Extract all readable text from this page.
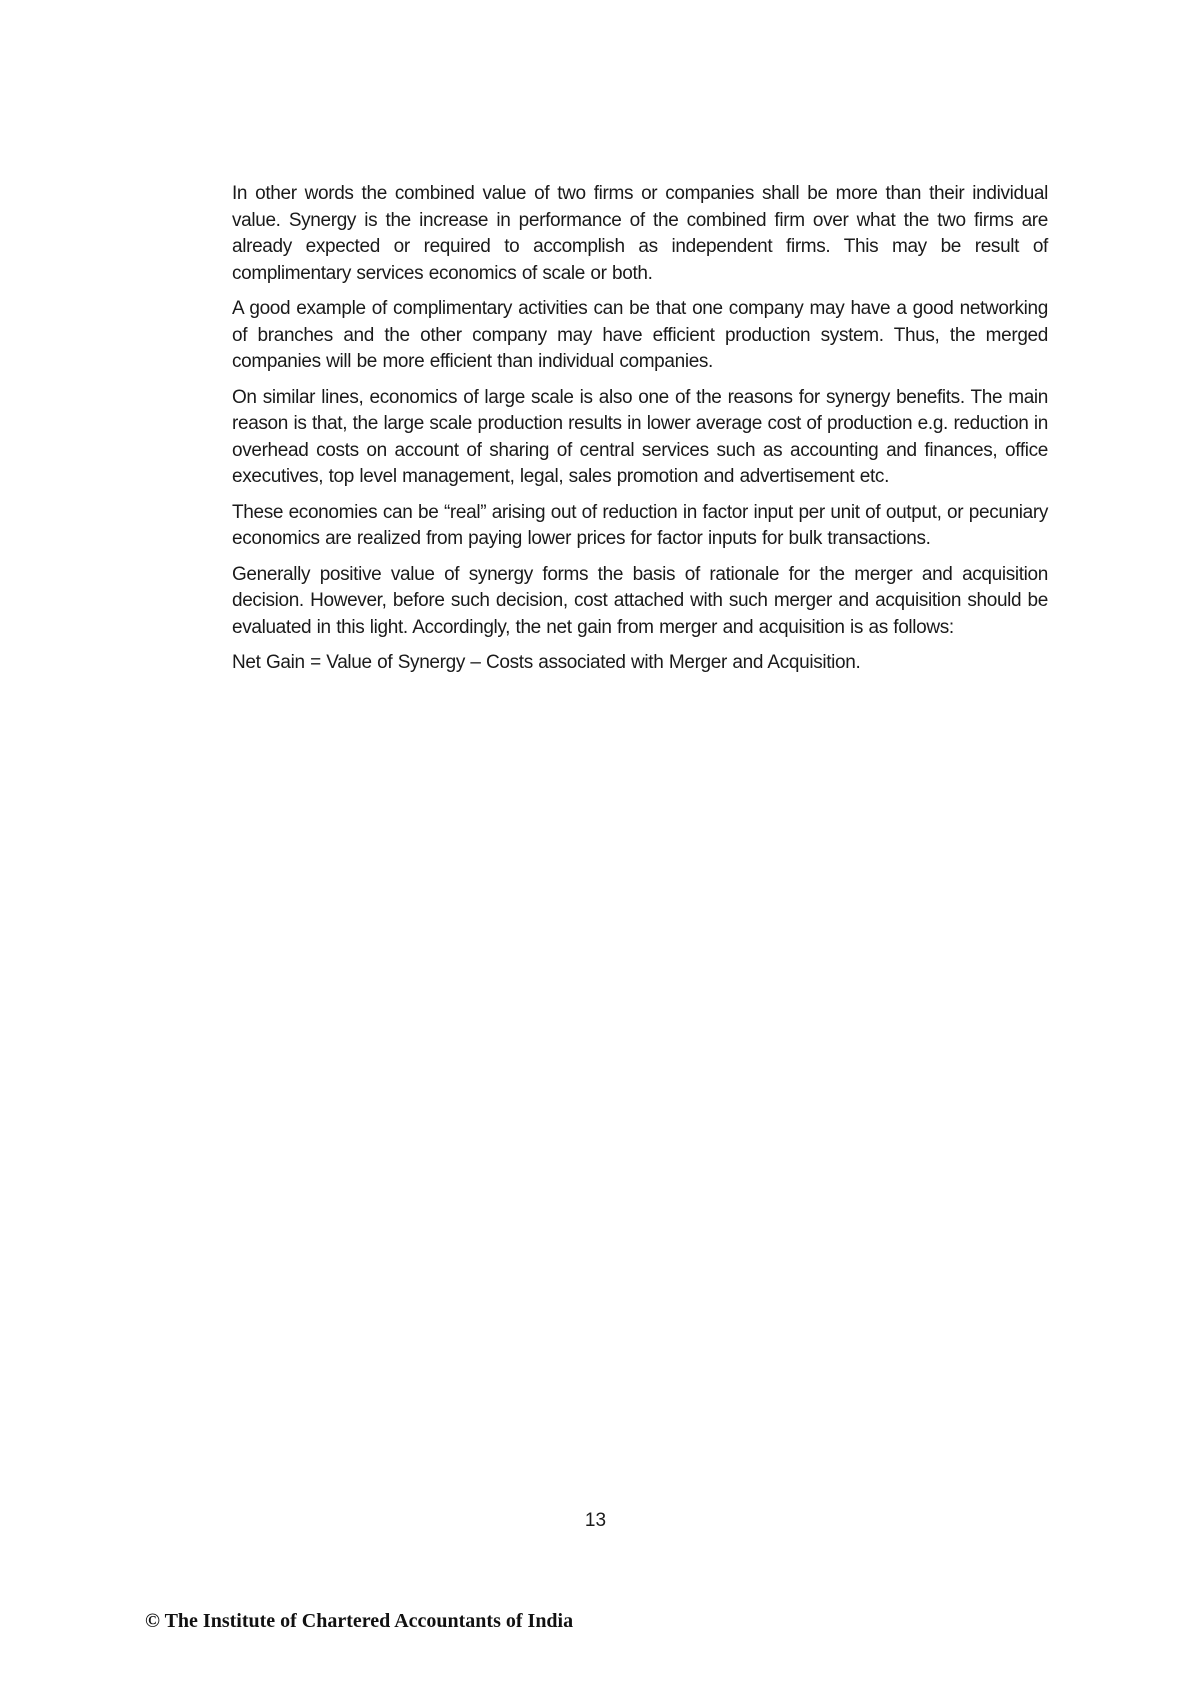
In other words the combined value of two firms or companies shall be more than their individual value. Synergy is the increase in performance of the combined firm over what the two firms are already expected or required to accomplish as independent firms. This may be result of complimentary services economics of scale or both.

A good example of complimentary activities can be that one company may have a good networking of branches and the other company may have efficient production system. Thus, the merged companies will be more efficient than individual companies.

On similar lines, economics of large scale is also one of the reasons for synergy benefits. The main reason is that, the large scale production results in lower average cost of production e.g. reduction in overhead costs on account of sharing of central services such as accounting and finances, office executives, top level management, legal, sales promotion and advertisement etc.

These economies can be “real” arising out of reduction in factor input per unit of output, or pecuniary economics are realized from paying lower prices for factor inputs for bulk transactions.

Generally positive value of synergy forms the basis of rationale for the merger and acquisition decision. However, before such decision, cost attached with such merger and acquisition should be evaluated in this light. Accordingly, the net gain from merger and acquisition is as follows:

Net Gain = Value of Synergy – Costs associated with Merger and Acquisition.

13
© The Institute of Chartered Accountants of India
